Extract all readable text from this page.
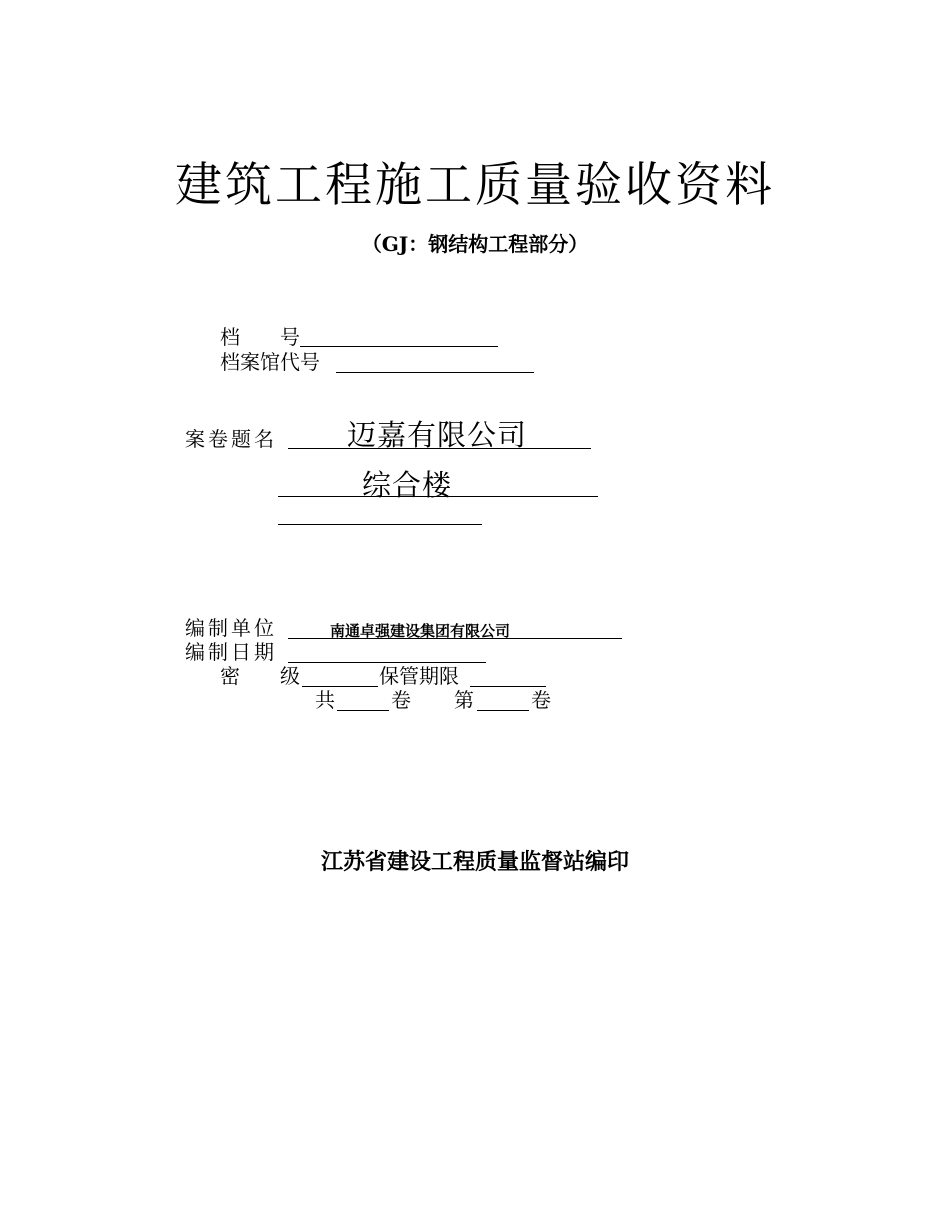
建筑工程施工质量验收资料
（GJ：钢结构工程部分）
档　　号
档案馆代号
案卷题名 迈嘉有限公司
综合楼
编制单位	南通卓强建设集团有限公司
编制日期
密　　级	保管期限
共	卷 第	卷
江苏省建设工程质量监督站编印
